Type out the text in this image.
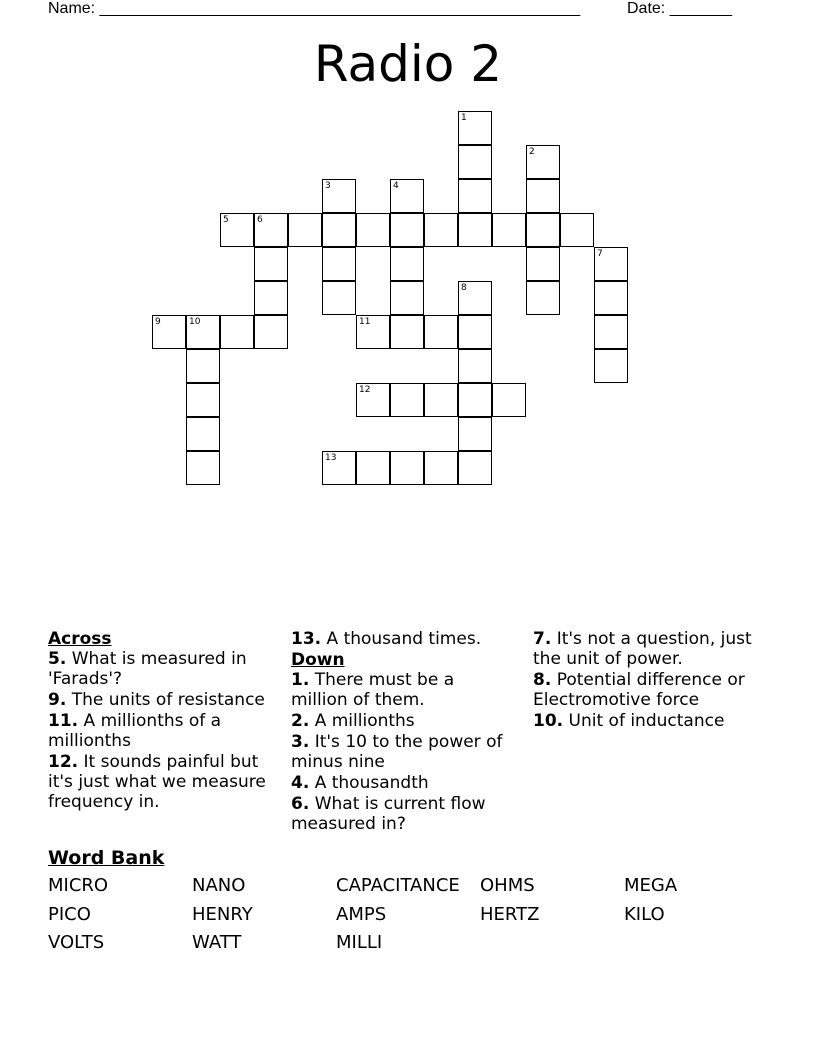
Name: ______________________________________________________	Date: _______
Radio 2
1
2
3	4
5	6
7
8
9	10	11
12
13
Across
5. What is measured in 'Farads'?
9. The units of resistance
11. A millionths of a millionths
12. It sounds painful but it's just what we measure frequency in.
13. A thousand times.
Down
1. There must be a million of them.
2. A millionths
3. It's 10 to the power of minus nine
4. A thousandth
6. What is current flow measured in?
7. It's not a question, just the unit of power.
8. Potential difference or Electromotive force
10. Unit of inductance
Word Bank
MICRO	NANO	CAPACITANCE OHMS	MEGA
PICO	HENRY	AMPS	HERTZ	KILO
VOLTS	WATT	MILLI
